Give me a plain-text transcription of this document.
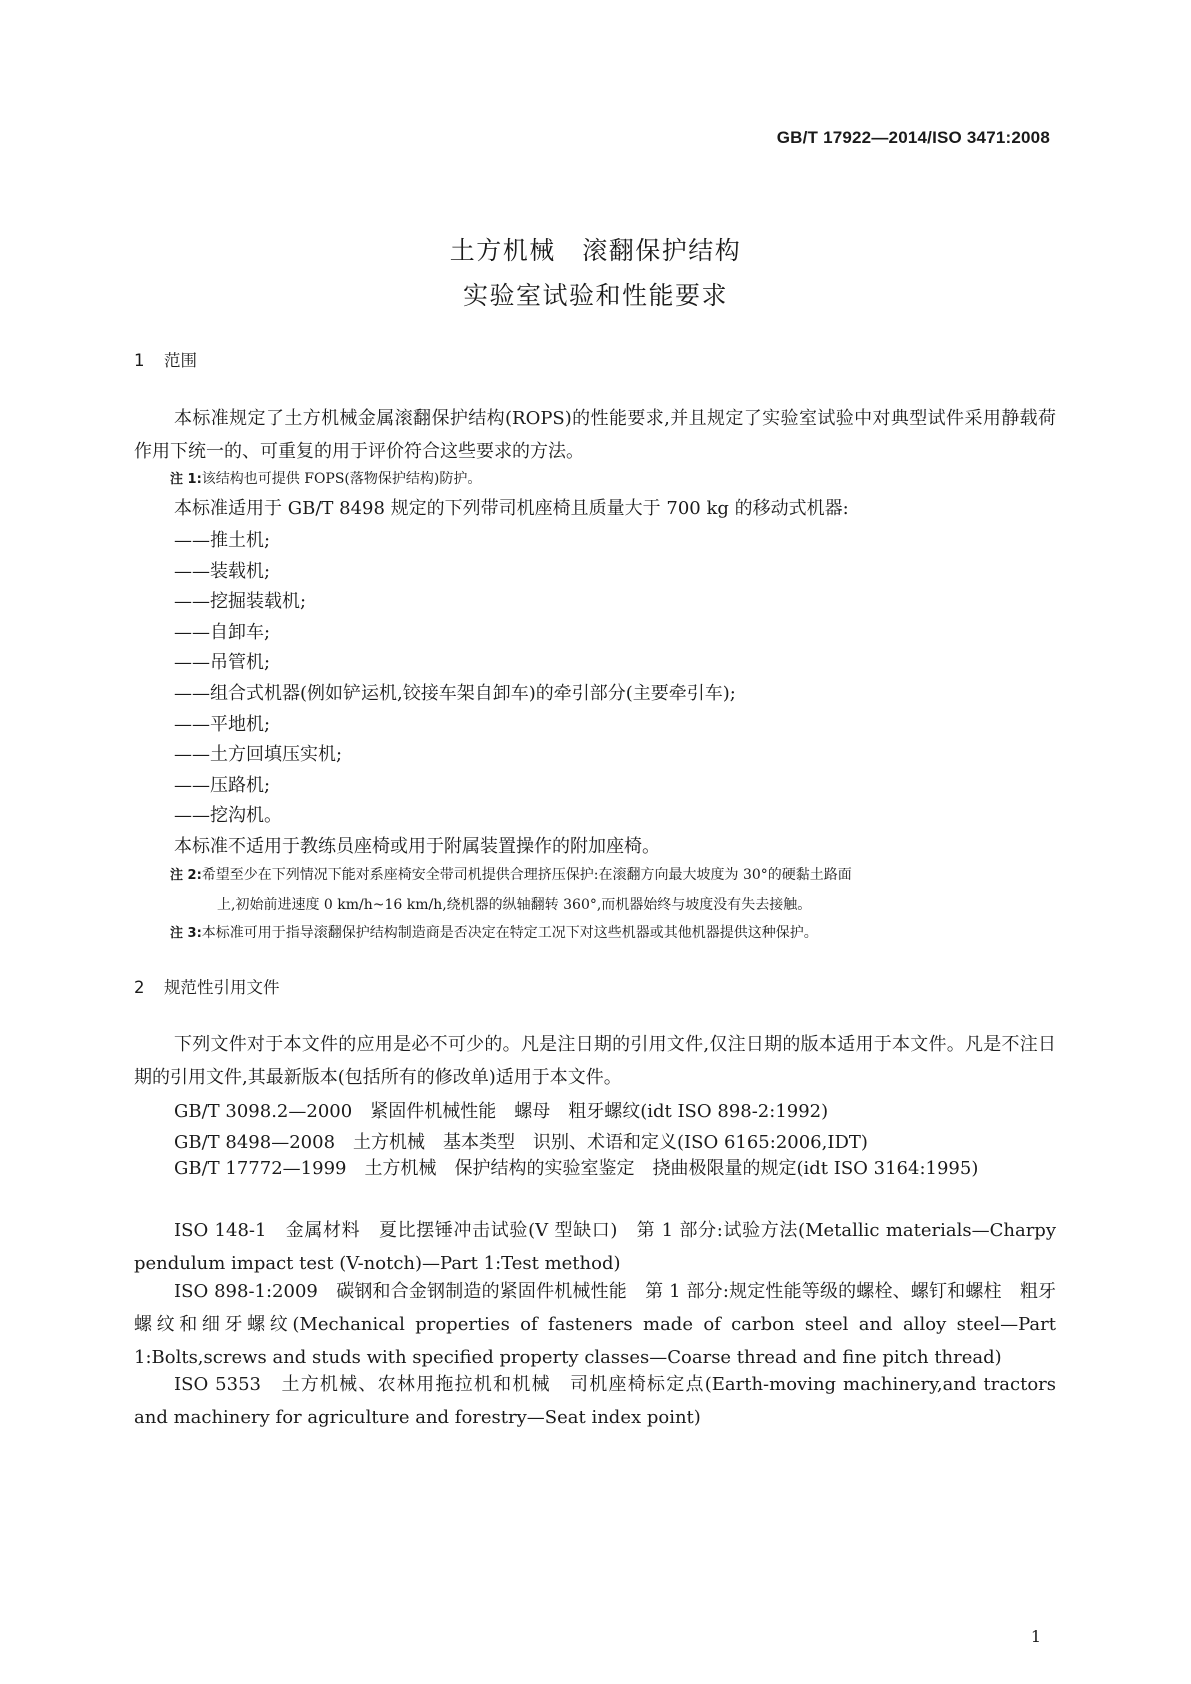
GB/T 17922—2014/ISO 3471:2008
土方机械　滚翻保护结构
实验室试验和性能要求
1 范围
本标准规定了土方机械金属滚翻保护结构(ROPS)的性能要求,并且规定了实验室试验中对典型试件采用静载荷作用下统一的、可重复的用于评价符合这些要求的方法。
注 1:该结构也可提供 FOPS(落物保护结构)防护。
本标准适用于 GB/T 8498 规定的下列带司机座椅且质量大于 700 kg 的移动式机器:
——推土机;
——装载机;
——挖掘装载机;
——自卸车;
——吊管机;
——组合式机器(例如铲运机,铰接车架自卸车)的牵引部分(主要牵引车);
——平地机;
——土方回填压实机;
——压路机;
——挖沟机。
本标准不适用于教练员座椅或用于附属装置操作的附加座椅。
注 2:希望至少在下列情况下能对系座椅安全带司机提供合理挤压保护:在滚翻方向最大坡度为 30°的硬黏土路面
上,初始前进速度 0 km/h~16 km/h,绕机器的纵轴翻转 360°,而机器始终与坡度没有失去接触。
注 3:本标准可用于指导滚翻保护结构制造商是否决定在特定工况下对这些机器或其他机器提供这种保护。
2 规范性引用文件
下列文件对于本文件的应用是必不可少的。凡是注日期的引用文件,仅注日期的版本适用于本文件。凡是不注日期的引用文件,其最新版本(包括所有的修改单)适用于本文件。
GB/T 3098.2—2000　紧固件机械性能　螺母　粗牙螺纹(idt ISO 898-2:1992)
GB/T 8498—2008　土方机械　基本类型　识别、术语和定义(ISO 6165:2006,IDT)
GB/T 17772—1999　土方机械　保护结构的实验室鉴定　挠曲极限量的规定(idt ISO 3164:1995)
ISO 148-1　金属材料　夏比摆锤冲击试验(V 型缺口)　第 1 部分:试验方法(Metallic materials—Charpy pendulum impact test (V-notch)—Part 1:Test method)
ISO 898-1:2009　碳钢和合金钢制造的紧固件机械性能　第 1 部分:规定性能等级的螺栓、螺钉和螺柱　粗牙螺纹和细牙螺纹(Mechanical properties of fasteners made of carbon steel and alloy steel—Part 1:Bolts,screws and studs with specified property classes—Coarse thread and fine pitch thread)
ISO 5353　土方机械、农林用拖拉机和机械　司机座椅标定点(Earth-moving machinery,and tractors and machinery for agriculture and forestry—Seat index point)
1
